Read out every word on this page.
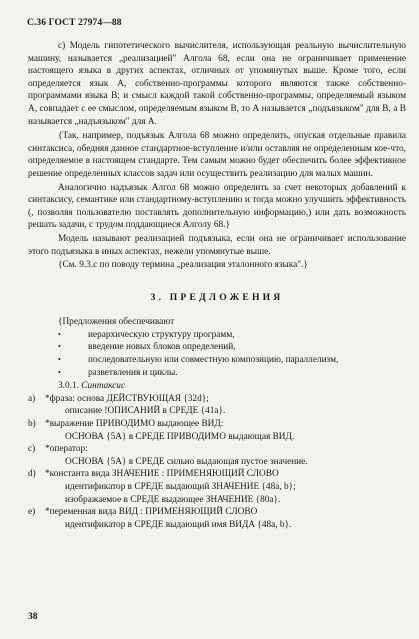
С.36 ГОСТ 27974—88

с) Модель гипотетического вычислителя, использующая реальную вычислительную машину, называется „реализацией" Алгола 68, если она не ограничивает применение настоящего языка в других аспектах, отличных от упомянутых выше. Кроме того, если определяется язык А, собственно-программы которого являются также собственно-программами языка В; и смысл каждой такой собственно-программы, определяемый языком А, совпадает с ее смыслом, определяемым языком В, то А называется „подъязыком" для В, а В называется „надъязыком" для А.

{Так, например, подъязык Алгола 68 можно определить, опуская отдельные правила синтаксиса, обедняя данное стандартное-вступление и/или оставляя не определенным кое-что, определяемое в настоящем стандарте. Тем самым можно будет обеспечить более эффективное решение определенных классов задач или осуществить реализацию для малых машин.

Аналогично надъязык Алгол 68 можно определить за счет некоторых добавлений к синтаксису, семантике или стандартному-вступлению и тогда можно улучшить эффективность (, позволяя пользователю поставлять дополнительную информацию,) или дать возможность решать задачи, с трудом поддающиеся Алголу 68.}

Модель называют реализацией подъязыка, если она не ограничивает использование этого подъязыка в иных аспектах, нежели упомянутые выше.

{См. 9.3.с по поводу термина „реализация эталонного языка".}

3. ПРЕДЛОЖЕНИЯ

{Предложения обеспечивают

• иерархическую структуру программ,
• введение новых блоков определений,
• последовательную или совместную композицию, параллелизм,
• разветвления и циклы.

3.0.1. Синтаксис

a) *фраза: основа ДЕЙСТВУЮЩАЯ {32d};
описание !ОПИСАНИЙ в СРЕДЕ {41a}.
b) *выражение ПРИВОДИМО выдающее ВИД:
ОСНОВА {5А} в СРЕДЕ ПРИВОДИМО выдающая ВИД.
с) *оператор:
ОСНОВА {5А} в СРЕДЕ сильно выдающая пустое значение.
d) *константа вида ЗНАЧЕНИЕ : ПРИМЕНЯЮЩИЙ СЛОВО
идентификатор в СРЕДЕ выдающий ЗНАЧЕНИЕ {48а, b};
изображаемое в СРЕДЕ выдающее ЗНАЧЕНИЕ {80а}.
е) *переменная вида ВИД : ПРИМЕНЯЮЩИЙ СЛОВО
идентификатор в СРЕДЕ выдающий имя ВИДА {48а, b}.
38
